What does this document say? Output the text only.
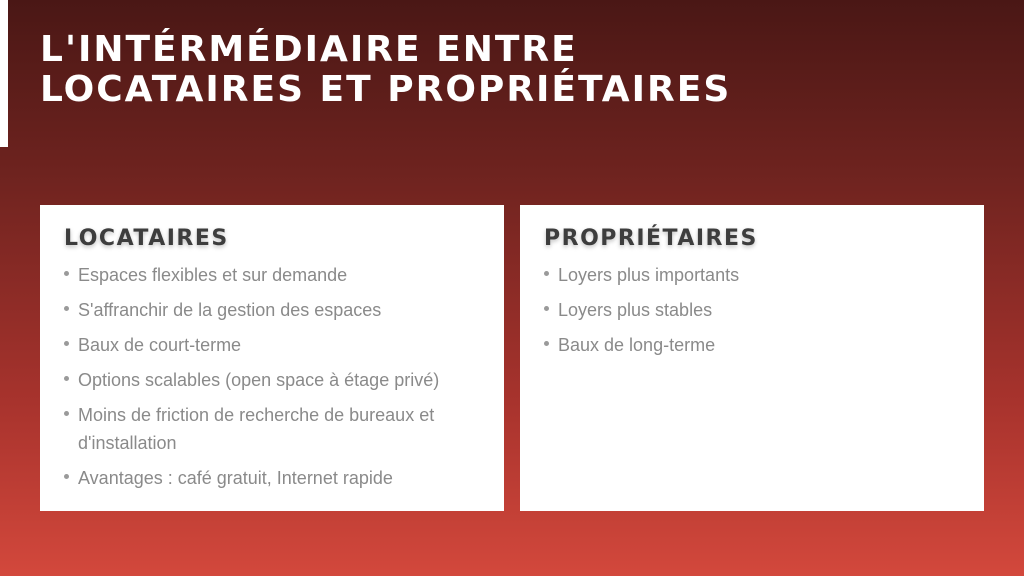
L'INTÉRMÉDIAIRE ENTRE
LOCATAIRES ET PROPRIÉTAIRES
LOCATAIRES
Espaces flexibles et sur demande
S'affranchir de la gestion des espaces
Baux de court-terme
Options scalables (open space à étage privé)
Moins de friction de recherche de bureaux et d'installation
Avantages : café gratuit, Internet rapide
PROPRIÉTAIRES
Loyers plus importants
Loyers plus stables
Baux de long-terme
